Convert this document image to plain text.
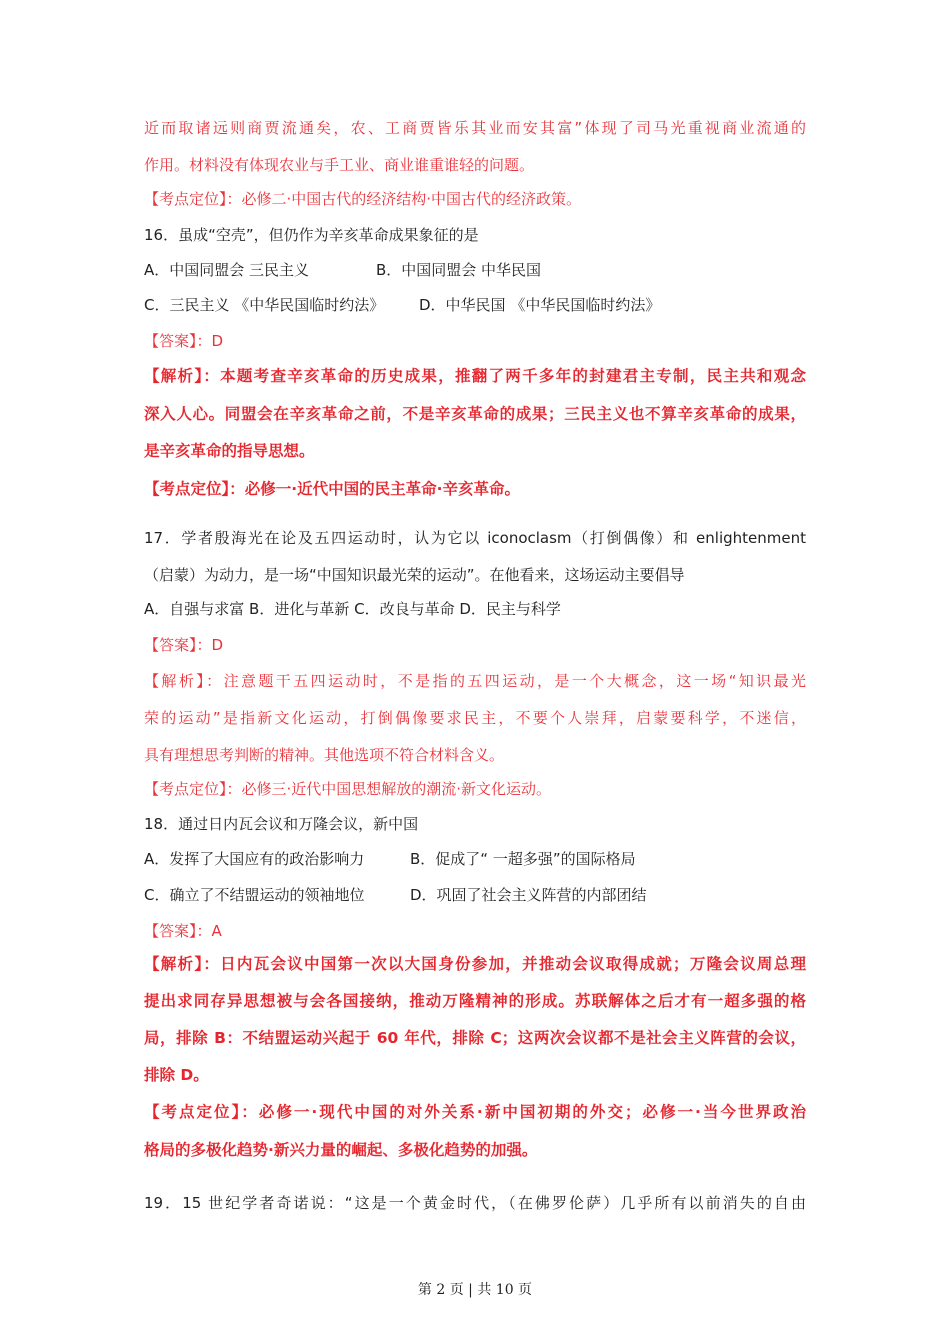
近而取诸远则商贾流通矣，农、工商贾皆乐其业而安其富”体现了司马光重视商业流通的
作用。材料没有体现农业与手工业、商业谁重谁轻的问题。
【考点定位】：必修二·中国古代的经济结构·中国古代的经济政策。
16．虽成“空壳”，但仍作为辛亥革命成果象征的是
A．中国同盟会 三民主义	B．中国同盟会 中华民国
C．三民主义 《中华民国临时约法》 D．中华民国 《中华民国临时约法》
【答案】：D
【解析】：本题考查辛亥革命的历史成果，推翻了两千多年的封建君主专制，民主共和观念
深入人心。同盟会在辛亥革命之前，不是辛亥革命的成果；三民主义也不算辛亥革命的成果，
是辛亥革命的指导思想。
【考点定位】：必修一·近代中国的民主革命·辛亥革命。
17．学者殷海光在论及五四运动时，认为它以 iconoclasm（打倒偶像）和 enlightenment
（启蒙）为动力，是一场“中国知识最光荣的运动”。在他看来，这场运动主要倡导
A．自强与求富 B．进化与革新 C．改良与革命 D．民主与科学
【答案】：D
【解析】：注意题干五四运动时，不是指的五四运动，是一个大概念，这一场“知识最光
荣的运动”是指新文化运动，打倒偶像要求民主，不要个人崇拜，启蒙要科学，不迷信，
具有理想思考判断的精神。其他选项不符合材料含义。
【考点定位】：必修三·近代中国思想解放的潮流·新文化运动。
18．通过日内瓦会议和万隆会议，新中国
A．发挥了大国应有的政治影响力	B．促成了“ 一超多强”的国际格局
C．确立了不结盟运动的领袖地位	D．巩固了社会主义阵营的内部团结
【答案】：A
【解析】：日内瓦会议中国第一次以大国身份参加，并推动会议取得成就；万隆会议周总理
提出求同存异思想被与会各国接纳，推动万隆精神的形成。苏联解体之后才有一超多强的格
局，排除 B：不结盟运动兴起于 60 年代，排除 C；这两次会议都不是社会主义阵营的会议，
排除 D。
【考点定位】：必修一·现代中国的对外关系·新中国初期的外交；必修一·当今世界政治
格局的多极化趋势·新兴力量的崛起、多极化趋势的加强。
19．15 世纪学者奇诺说：“这是一个黄金时代，（在佛罗伦萨）几乎所有以前消失的自由
第 2 页 | 共 10 页
